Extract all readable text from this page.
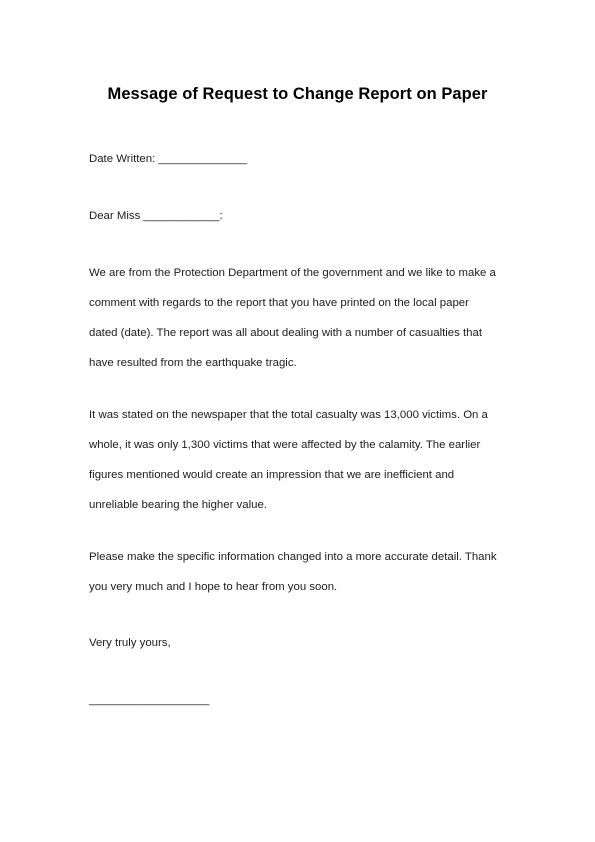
Message of Request to Change Report on Paper
Date Written: ______________
Dear Miss ____________:
We are from the Protection Department of the government and we like to make a
comment with regards to the report that you have printed on the local paper
dated (date). The report was all about dealing with a number of casualties that
have resulted from the earthquake tragic.
It was stated on the newspaper that the total casualty was 13,000 victims. On a
whole, it was only 1,300 victims that were affected by the calamity. The earlier
figures mentioned would create an impression that we are inefficient and
unreliable bearing the higher value.
Please make the specific information changed into a more accurate detail. Thank
you very much and I hope to hear from you soon.
Very truly yours,
___________________
